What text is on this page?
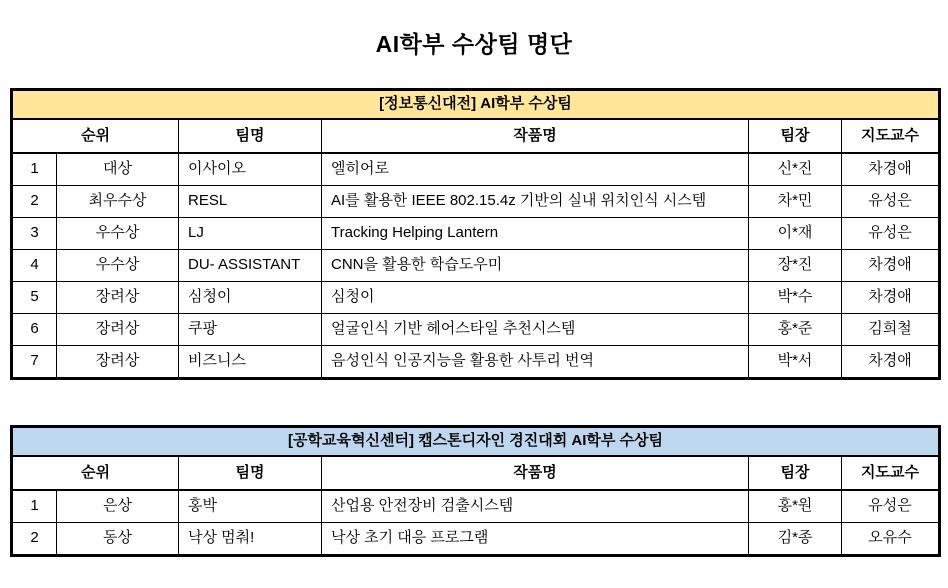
AI학부 수상팀 명단
[정보통신대전] AI학부 수상팀					
순위		팀명	작품명	팀장	지도교수
1	대상	이사이오	엘히어로	신*진	차경애
2	최우수상	RESL	AI를 활용한 IEEE 802.15.4z 기반의 실내 위치인식 시스템	차*민	유성은
3	우수상	LJ	Tracking Helping Lantern	이*재	유성은
4	우수상	DU- ASSISTANT	CNN을 활용한 학습도우미	장*진	차경애
5	장려상	심청이	심청이	박*수	차경애
6	장려상	쿠팡	얼굴인식 기반 헤어스타일 추천시스템	홍*준	김희철
7	장려상	비즈니스	음성인식 인공지능을 활용한 사투리 번역	박*서	차경애
[공학교육혁신센터] 캡스톤디자인 경진대회 AI학부 수상팀					
순위		팀명	작품명	팀장	지도교수
1	은상	홍박	산업용 안전장비 검출시스템	홍*원	유성은
2	동상	낙상 멈춰!	낙상 초기 대응 프로그램	김*종	오유수
